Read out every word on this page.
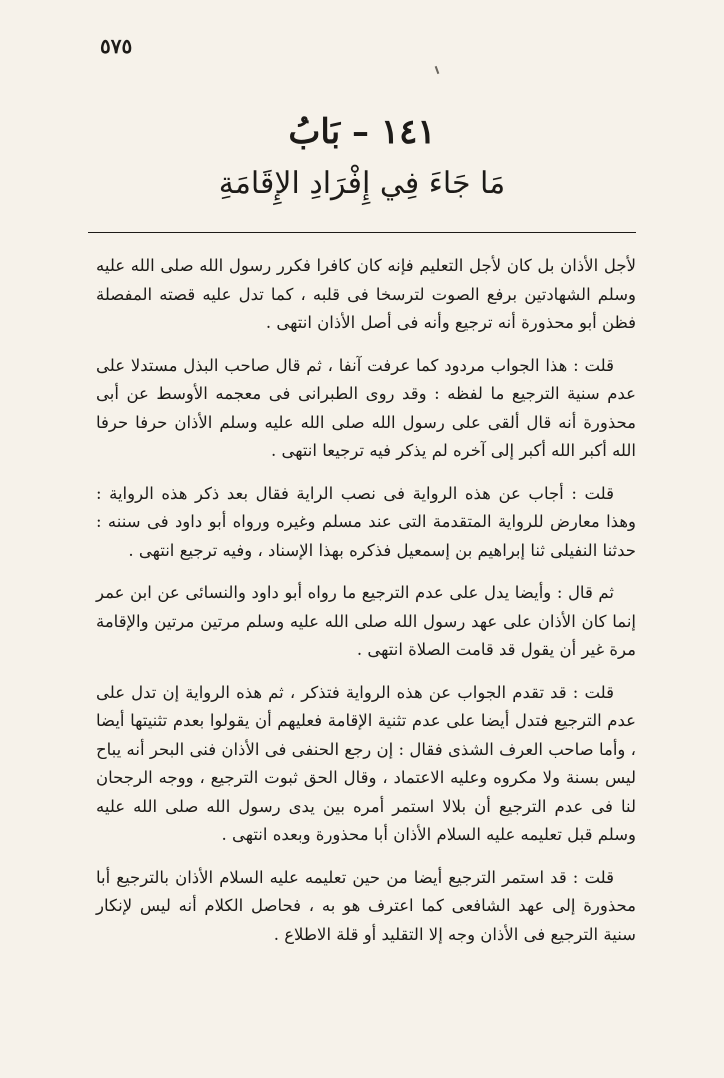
٥٧٥
١٤١ – بَابُ
مَا جَاءَ فِي إِفْرَادِ الإِقَامَةِ

لأجل الأذان بل كان لأجل التعليم فإنه كان كافرا فكرر رسول الله صلى الله عليه وسلم الشهادتين برفع الصوت لترسخا فى قلبه ، كما تدل عليه قصته المفصلة فظن أبو محذورة أنه ترجيع وأنه فى أصل الأذان انتهى .

قلت : هذا الجواب مردود كما عرفت آنفا ، ثم قال صاحب البذل مستدلا على عدم سنية الترجيع ما لفظه : وقد روى الطبرانى فى معجمه الأوسط عن أبى محذورة أنه قال ألقى على رسول الله صلى الله عليه وسلم الأذان حرفا حرفا الله أكبر الله أكبر إلى آخره لم يذكر فيه ترجيعا انتهى .

قلت : أجاب عن هذه الرواية فى نصب الراية فقال بعد ذكر هذه الرواية : وهذا معارض للرواية المتقدمة التى عند مسلم وغيره ورواه أبو داود فى سننه : حدثنا النفيلى ثنا إبراهيم بن إسمعيل فذكره بهذا الإسناد ، وفيه ترجيع انتهى .

ثم قال : وأيضا يدل على عدم الترجيع ما رواه أبو داود والنسائى عن ابن عمر إنما كان الأذان على عهد رسول الله صلى الله عليه وسلم مرتين مرتين والإقامة مرة غير أن يقول قد قامت الصلاة انتهى .

قلت : قد تقدم الجواب عن هذه الرواية فتذكر ، ثم هذه الرواية إن تدل على عدم الترجيع فتدل أيضا على عدم تثنية الإقامة فعليهم أن يقولوا بعدم تثنيتها أيضا ، وأما صاحب العرف الشذى فقال : إن رجع الحنفى فى الأذان فنى البحر أنه يباح ليس بسنة ولا مكروه وعليه الاعتماد ، وقال الحق ثبوت الترجيع ، ووجه الرجحان لنا فى عدم الترجيع أن بلالا استمر أمره بين يدى رسول الله صلى الله عليه وسلم قبل تعليمه عليه السلام الأذان أبا محذورة وبعده انتهى .

قلت : قد استمر الترجيع أيضا من حين تعليمه عليه السلام الأذان بالترجيع أبا محذورة إلى عهد الشافعى كما اعترف هو به ، فحاصل الكلام أنه ليس لإنكار سنية الترجيع فى الأذان وجه إلا التقليد أو قلة الاطلاع .
